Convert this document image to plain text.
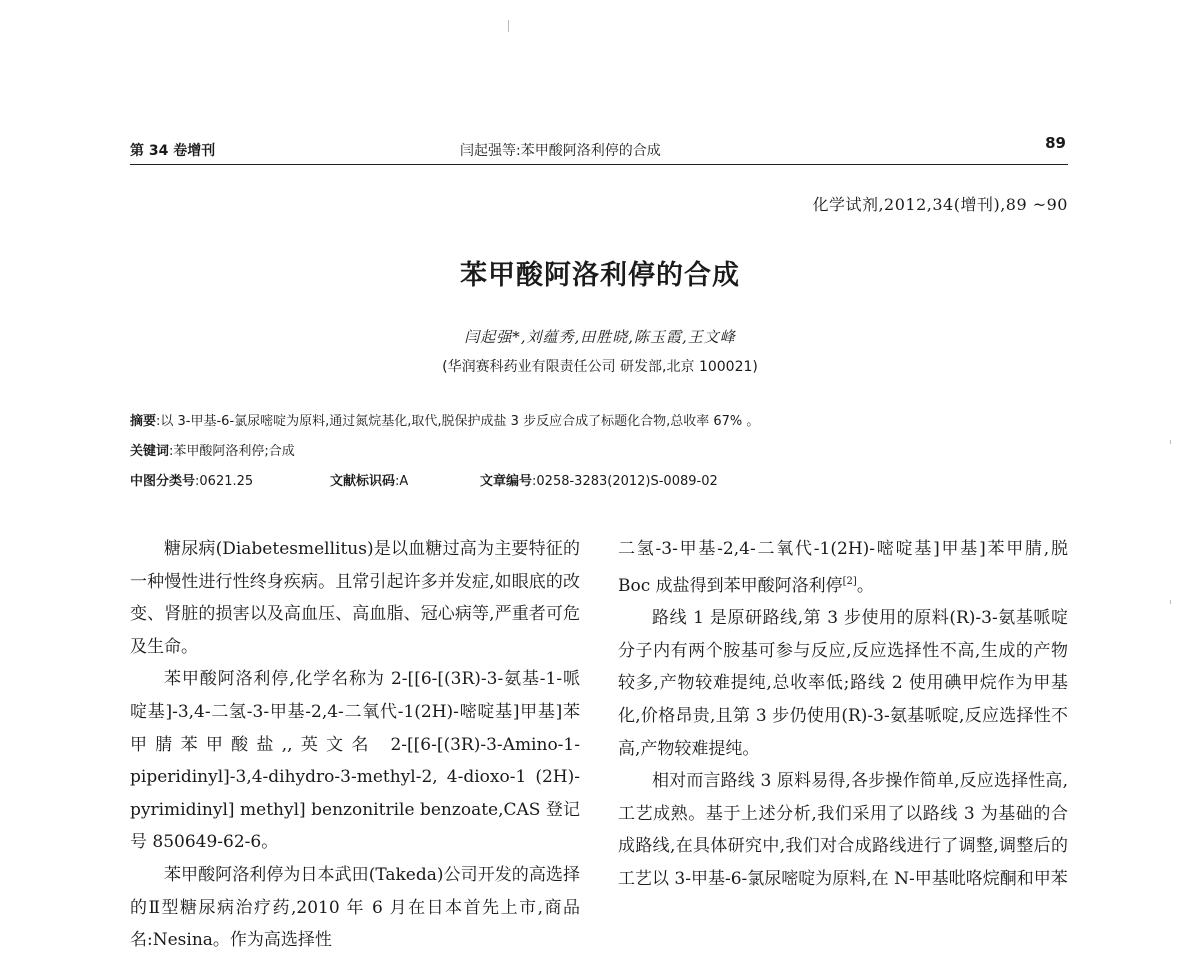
第 34 卷增刊	闫起强等:苯甲酸阿洛利停的合成	89
化学试剂,2012,34(增刊),89 ~90
苯甲酸阿洛利停的合成
闫起强*,刘蕴秀,田胜晓,陈玉霞,王文峰
(华润赛科药业有限责任公司 研发部,北京 100021)
摘要:以 3-甲基-6-氯尿嘧啶为原料,通过氮烷基化,取代,脱保护成盐 3 步反应合成了标题化合物,总收率 67% 。
关键词:苯甲酸阿洛利停;合成
中图分类号:0621.25	文献标识码:A	文章编号:0258-3283(2012)S-0089-02

糖尿病(Diabetesmellitus)是以血糖过高为主要特征的一种慢性进行性终身疾病。且常引起许多并发症,如眼底的改变、肾脏的损害以及高血压、高血脂、冠心病等,严重者可危及生命。

苯甲酸阿洛利停,化学名称为 2-[[6-[(3R)-3-氨基-1-哌啶基]-3,4-二氢-3-甲基-2,4-二氧代-1(2H)-嘧啶基]甲基]苯甲腈苯甲酸盐,,英文名 2-[[6-[(3R)-3-Amino-1-piperidinyl]-3,4-dihydro-3-methyl-2, 4-dioxo-1 (2H)-pyrimidinyl] methyl] benzonitrile benzoate,CAS 登记号 850649-62-6。

苯甲酸阿洛利停为日本武田(Takeda)公司开发的高选择的Ⅱ型糖尿病治疗药,2010 年 6 月在日本首先上市,商品名:Nesina。作为高选择性

二氢-3-甲基-2,4-二氧代-1(2H)-嘧啶基]甲基]苯甲腈,脱 Boc 成盐得到苯甲酸阿洛利停[2]。

路线 1 是原研路线,第 3 步使用的原料(R)-3-氨基哌啶分子内有两个胺基可参与反应,反应选择性不高,生成的产物较多,产物较难提纯,总收率低;路线 2 使用碘甲烷作为甲基化,价格昂贵,且第 3 步仍使用(R)-3-氨基哌啶,反应选择性不高,产物较难提纯。

相对而言路线 3 原料易得,各步操作简单,反应选择性高,工艺成熟。基于上述分析,我们采用了以路线 3 为基础的合成路线,在具体研究中,我们对合成路线进行了调整,调整后的工艺以 3-甲基-6-氯尿嘧啶为原料,在 N-甲基吡咯烷酮和甲苯
